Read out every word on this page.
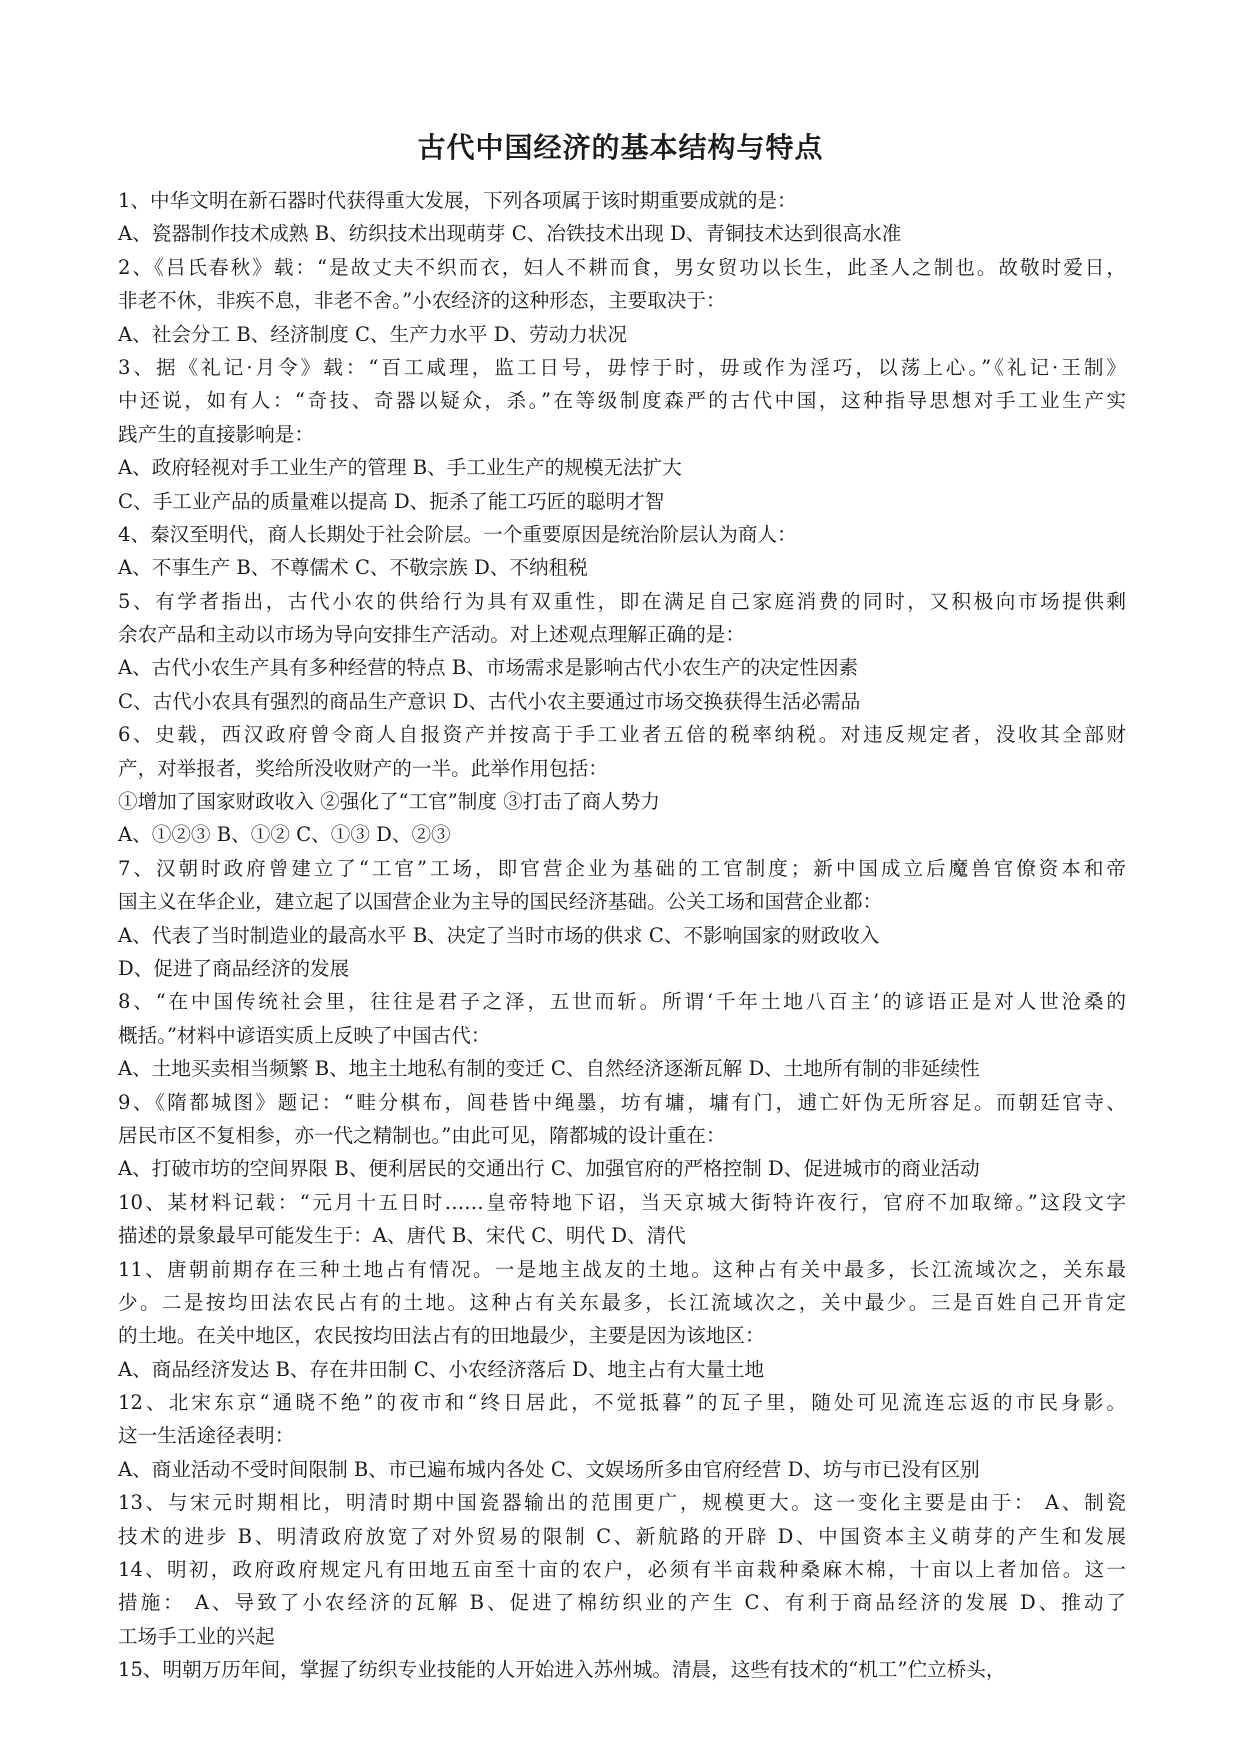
古代中国经济的基本结构与特点
1、中华文明在新石器时代获得重大发展，下列各项属于该时期重要成就的是：
A、瓷器制作技术成熟 B、纺织技术出现萌芽 C、冶铁技术出现 D、青铜技术达到很高水准
2、《吕氏春秋》载：“是故丈夫不织而衣，妇人不耕而食，男女贸功以长生，此圣人之制也。故敬时爱日，
非老不休，非疾不息，非老不舍。”小农经济的这种形态，主要取决于：
A、社会分工 B、经济制度 C、生产力水平 D、劳动力状况
3、据《礼记·月令》载：“百工咸理，监工日号，毋悖于时，毋或作为淫巧，以荡上心。”《礼记·王制》
中还说，如有人：“奇技、奇器以疑众，杀。”在等级制度森严的古代中国，这种指导思想对手工业生产实
践产生的直接影响是：
A、政府轻视对手工业生产的管理 B、手工业生产的规模无法扩大
C、手工业产品的质量难以提高 D、扼杀了能工巧匠的聪明才智
4、秦汉至明代，商人长期处于社会阶层。一个重要原因是统治阶层认为商人：
A、不事生产 B、不尊儒术 C、不敬宗族 D、不纳租税
5、有学者指出，古代小农的供给行为具有双重性，即在满足自己家庭消费的同时，又积极向市场提供剩
余农产品和主动以市场为导向安排生产活动。对上述观点理解正确的是：
A、古代小农生产具有多种经营的特点 B、市场需求是影响古代小农生产的决定性因素
C、古代小农具有强烈的商品生产意识 D、古代小农主要通过市场交换获得生活必需品
6、史载，西汉政府曾令商人自报资产并按高于手工业者五倍的税率纳税。对违反规定者，没收其全部财
产，对举报者，奖给所没收财产的一半。此举作用包括：
①增加了国家财政收入 ②强化了“工官”制度 ③打击了商人势力
A、①②③ B、①② C、①③ D、②③
7、汉朝时政府曾建立了“工官”工场，即官营企业为基础的工官制度；新中国成立后魔兽官僚资本和帝
国主义在华企业，建立起了以国营企业为主导的国民经济基础。公关工场和国营企业都：
A、代表了当时制造业的最高水平 B、决定了当时市场的供求 C、不影响国家的财政收入
D、促进了商品经济的发展
8、“在中国传统社会里，往往是君子之泽，五世而斩。所谓‘千年土地八百主’的谚语正是对人世沧桑的
概括。”材料中谚语实质上反映了中国古代：
A、土地买卖相当频繁 B、地主土地私有制的变迁 C、自然经济逐渐瓦解 D、土地所有制的非延续性
9、《隋都城图》题记：“畦分棋布，闾巷皆中绳墨，坊有墉，墉有门，逋亡奸伪无所容足。而朝廷官寺、
居民市区不复相参，亦一代之精制也。”由此可见，隋都城的设计重在：
A、打破市坊的空间界限 B、便利居民的交通出行 C、加强官府的严格控制 D、促进城市的商业活动
10、某材料记载：“元月十五日时……皇帝特地下诏，当天京城大街特许夜行，官府不加取缔。”这段文字
描述的景象最早可能发生于：A、唐代 B、宋代 C、明代 D、清代
11、唐朝前期存在三种土地占有情况。一是地主战友的土地。这种占有关中最多，长江流域次之，关东最
少。二是按均田法农民占有的土地。这种占有关东最多，长江流域次之，关中最少。三是百姓自己开肯定
的土地。在关中地区，农民按均田法占有的田地最少，主要是因为该地区：
A、商品经济发达 B、存在井田制 C、小农经济落后 D、地主占有大量土地
12、北宋东京“通晓不绝”的夜市和“终日居此，不觉抵暮”的瓦子里，随处可见流连忘返的市民身影。
这一生活途径表明：
A、商业活动不受时间限制 B、市已遍布城内各处 C、文娱场所多由官府经营 D、坊与市已没有区别
13、与宋元时期相比，明清时期中国瓷器输出的范围更广，规模更大。这一变化主要是由于： A、制瓷
技术的进步 B、明清政府放宽了对外贸易的限制 C、新航路的开辟 D、中国资本主义萌芽的产生和发展
14、明初，政府政府规定凡有田地五亩至十亩的农户，必须有半亩栽种桑麻木棉，十亩以上者加倍。这一
措施： A、导致了小农经济的瓦解 B、促进了棉纺织业的产生 C、有利于商品经济的发展 D、推动了
工场手工业的兴起
15、明朝万历年间，掌握了纺织专业技能的人开始进入苏州城。清晨，这些有技术的“机工”伫立桥头，
